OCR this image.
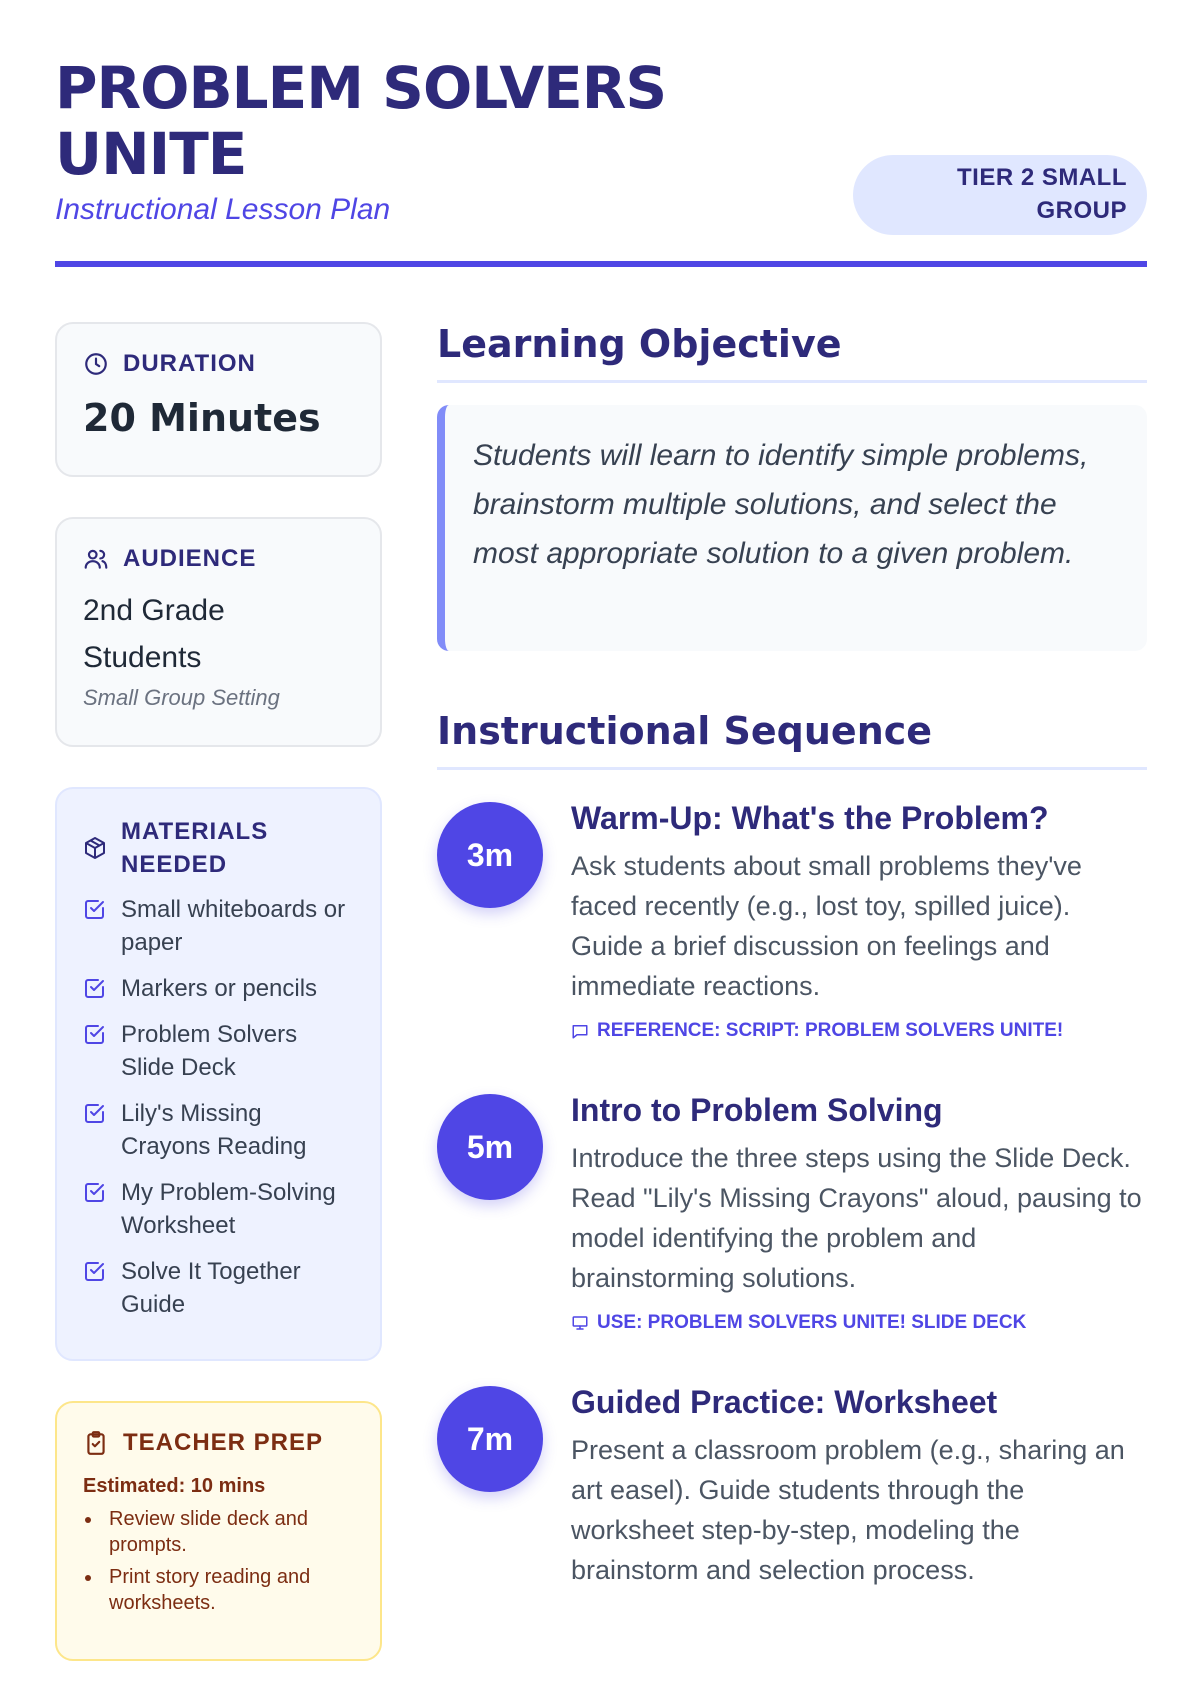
PROBLEM SOLVERS UNITE
Instructional Lesson Plan
TIER 2 SMALL GROUP
DURATION
20 Minutes
AUDIENCE
2nd Grade Students
Small Group Setting
MATERIALS NEEDED
Small whiteboards or paper
Markers or pencils
Problem Solvers Slide Deck
Lily's Missing Crayons Reading
My Problem-Solving Worksheet
Solve It Together Guide
TEACHER PREP
Estimated: 10 mins
Review slide deck and prompts.
Print story reading and worksheets.
Learning Objective

Students will learn to identify simple problems, brainstorm multiple solutions, and select the most appropriate solution to a given problem.

Instructional Sequence
3m
Warm-Up: What's the Problem?

Ask students about small problems they've faced recently (e.g., lost toy, spilled juice). Guide a brief discussion on feelings and immediate reactions.

REFERENCE: SCRIPT: PROBLEM SOLVERS UNITE!
5m
Intro to Problem Solving

Introduce the three steps using the Slide Deck. Read "Lily's Missing Crayons" aloud, pausing to model identifying the problem and brainstorming solutions.

USE: PROBLEM SOLVERS UNITE! SLIDE DECK
7m
Guided Practice: Worksheet

Present a classroom problem (e.g., sharing an art easel). Guide students through the worksheet step-by-step, modeling the brainstorm and selection process.
